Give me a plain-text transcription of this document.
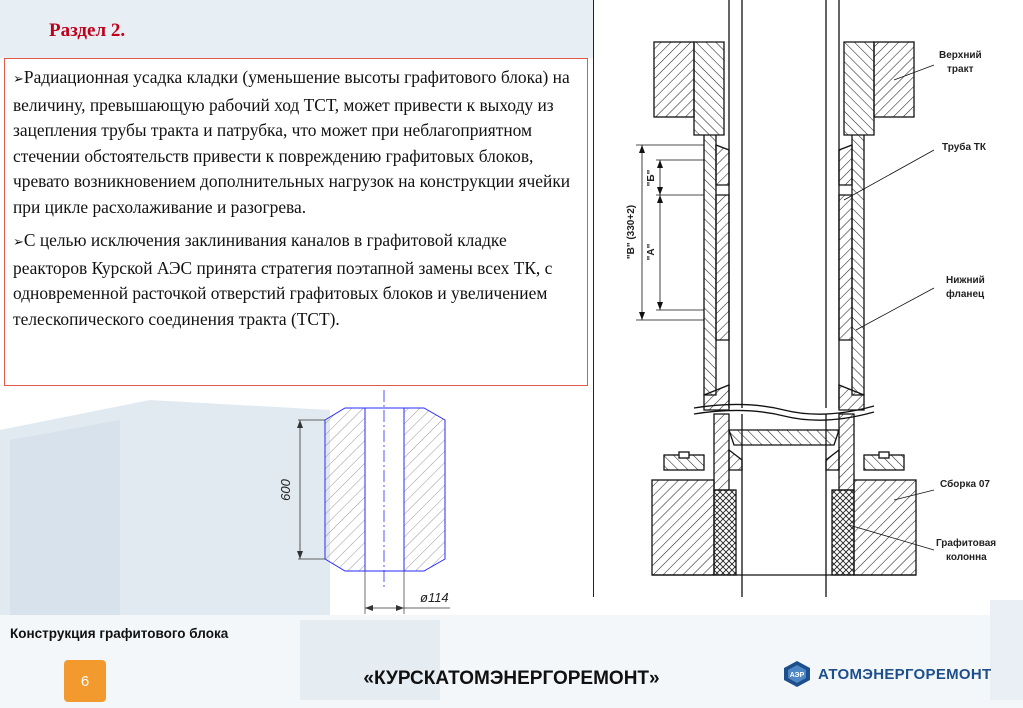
Раздел 2.

➢Радиационная усадка кладки (уменьшение высоты графитового блока) на величину, превышающую рабочий ход ТСТ, может привести к выходу из зацепления трубы тракта и патрубка, что может при неблагоприятном стечении обстоятельств привести к повреждению графитовых блоков, чревато возникновением дополнительных нагрузок на конструкции ячейки при цикле расхолаживание и разогрева.

➢С целью исключения заклинивания каналов в графитовой кладке реакторов Курской АЭС принята стратегия поэтапной замены всех ТК, с одновременной расточкой отверстий графитовых блоков и увеличением телескопического соединения тракта (ТСТ).

600
ø114
Конструкция графитового блока
"В" (330+2)
"Б"
"А"
Верхний тракт
Труба ТК
Нижний фланец
Сборка 07
Графитовая колонна
6	«КУРСКАТОМЭНЕРГОРЕМОНТ»	АЭР АТОМЭНЕРГОРЕМОНТ
